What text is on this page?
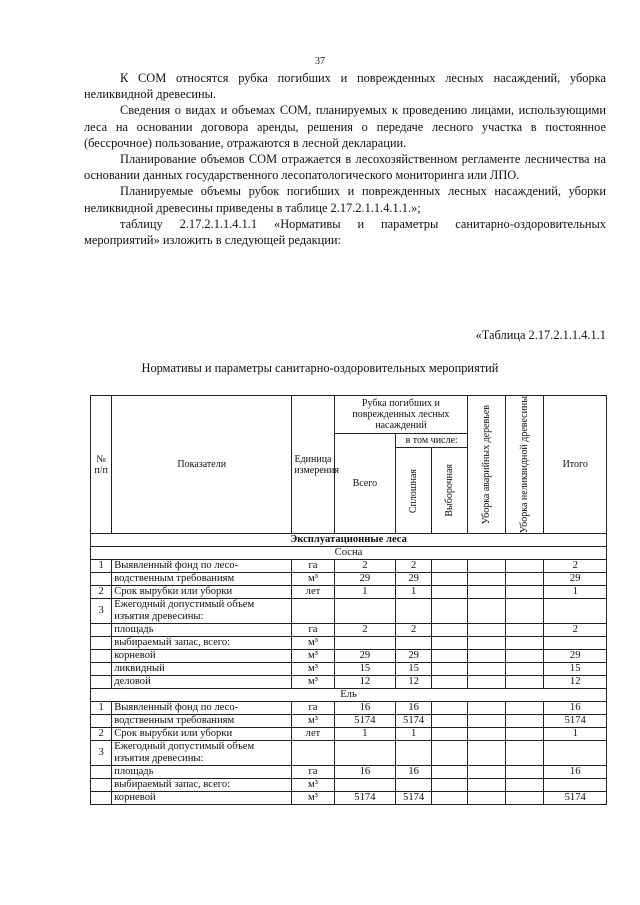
37

К СОМ относятся рубка погибших и поврежденных лесных насаждений, уборка неликвидной древесины.

Сведения о видах и объемах СОМ, планируемых к проведению лицами, использующими леса на основании договора аренды, решения о передаче лесного участка в постоянное (бессрочное) пользование, отражаются в лесной декларации.

Планирование объемов СОМ отражается в лесохозяйственном регламенте лесничества на основании данных государственного лесопатологического мониторинга или ЛПО.

Планируемые объемы рубок погибших и поврежденных лесных насаждений, уборки неликвидной древесины приведены в таблице 2.17.2.1.1.4.1.1.»;

таблицу 2.17.2.1.1.4.1.1 «Нормативы и параметры санитарно-оздоровительных мероприятий» изложить в следующей редакции:

«Таблица 2.17.2.1.1.4.1.1
Нормативы и параметры санитарно-оздоровительных мероприятий
№ п/п	Показатели	Единица измерения	Рубка погибших и поврежденных лесных насаждений			Уборка аварийных деревьев	Уборка неликвидной древесины	Итого
			Всего	в том числе:				

				Сплошная	Выборочная			

Эксплуатационные леса								
Сосна								
1	Выявленный фонд по лесо-	га	2	2				2
	водственным требованиям	м³	29	29				29
2	Срок вырубки или уборки	лет	1	1				1
3	Ежегодный допустимый объем изъятия древесины:							
	площадь	га	2	2				2
	выбираемый запас, всего:	м³						
	корневой	м³	29	29				29
	ликвидный	м³	15	15				15
	деловой	м³	12	12				12
Ель								
1	Выявленный фонд по лесо-	га	16	16				16
	водственным требованиям	м³	5174	5174				5174
2	Срок вырубки или уборки	лет	1	1				1
3	Ежегодный допустимый объем изъятия древесины:							
	площадь	га	16	16				16
	выбираемый запас, всего:	м³						
	корневой	м³	5174	5174				5174
